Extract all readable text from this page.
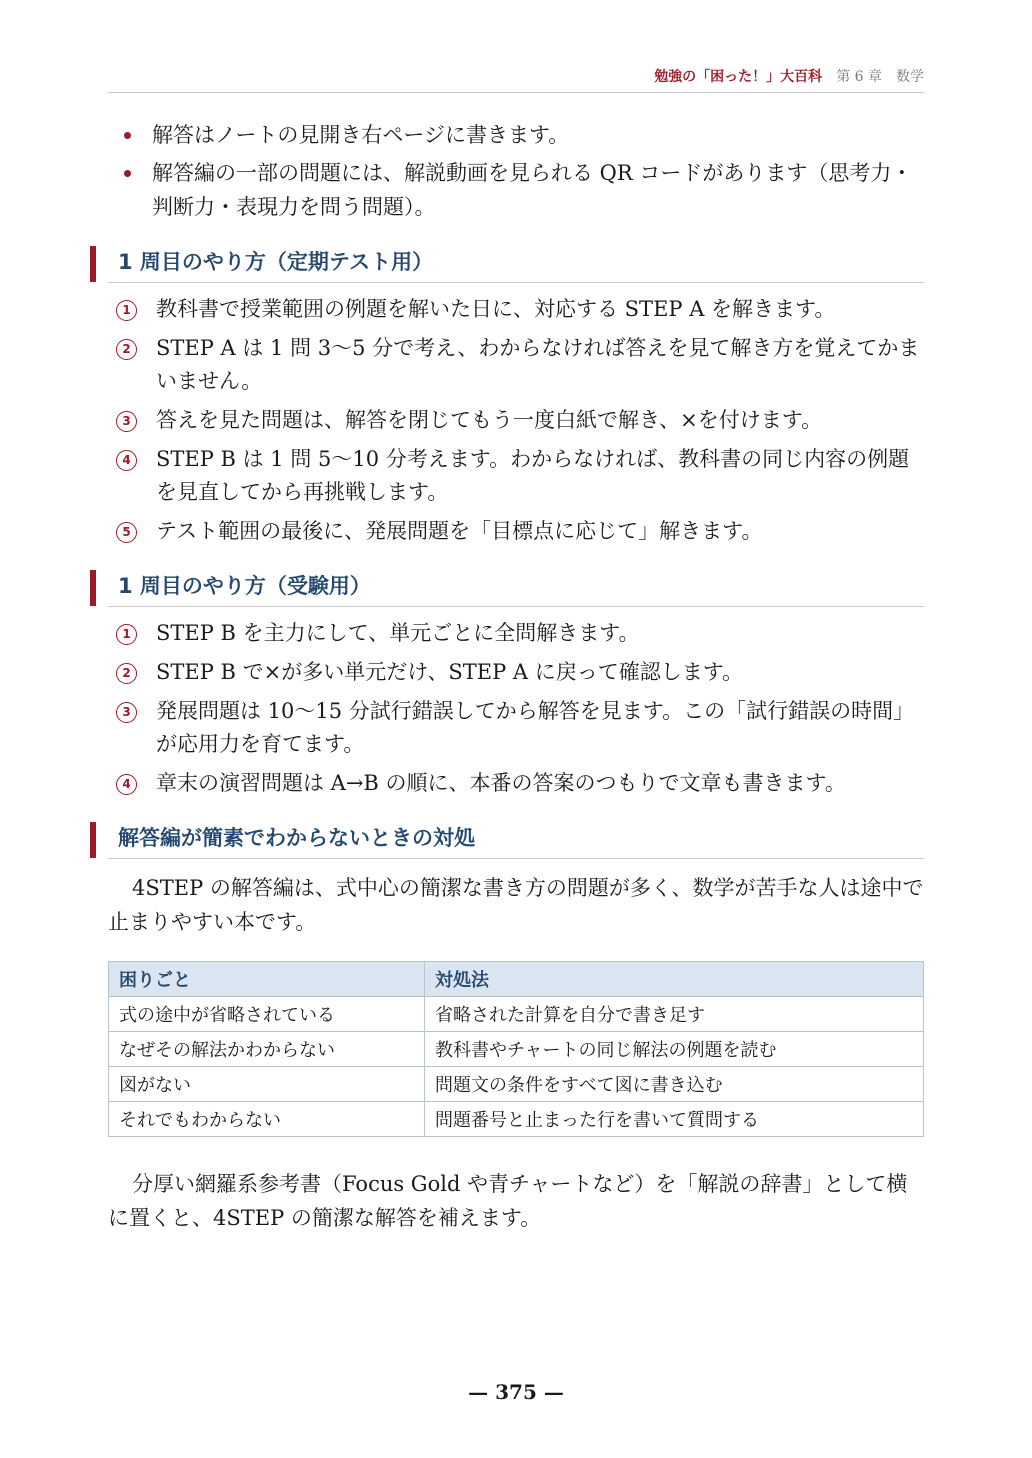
勉強の「困った！」大百科 第 6 章　数学
解答はノートの見開き右ページに書きます。
解答編の一部の問題には、解説動画を見られる QR コードがあります（思考力・判断力・表現力を問う問題）。
1 周目のやり方（定期テスト用）
1	教科書で授業範囲の例題を解いた日に、対応する STEP A を解きます。
2	STEP A は 1 問 3〜5 分で考え、わからなければ答えを見て解き方を覚えてかまいません。
3	答えを見た問題は、解答を閉じてもう一度白紙で解き、×を付けます。
4	STEP B は 1 問 5〜10 分考えます。わからなければ、教科書の同じ内容の例題を見直してから再挑戦します。
5	テスト範囲の最後に、発展問題を「目標点に応じて」解きます。
1 周目のやり方（受験用）
1	STEP B を主力にして、単元ごとに全問解きます。
2	STEP B で×が多い単元だけ、STEP A に戻って確認します。
3	発展問題は 10〜15 分試行錯誤してから解答を見ます。この「試行錯誤の時間」が応用力を育てます。
4	章末の演習問題は A→B の順に、本番の答案のつもりで文章も書きます。
解答編が簡素でわからないときの対処

4STEP の解答編は、式中心の簡潔な書き方の問題が多く、数学が苦手な人は途中で止まりやすい本です。

困りごと	対処法
式の途中が省略されている	省略された計算を自分で書き足す
なぜその解法かわからない	教科書やチャートの同じ解法の例題を読む
図がない	問題文の条件をすべて図に書き込む
それでもわからない	問題番号と止まった行を書いて質問する

分厚い網羅系参考書（Focus Gold や青チャートなど）を「解説の辞書」として横に置くと、4STEP の簡潔な解答を補えます。

— 375 —
